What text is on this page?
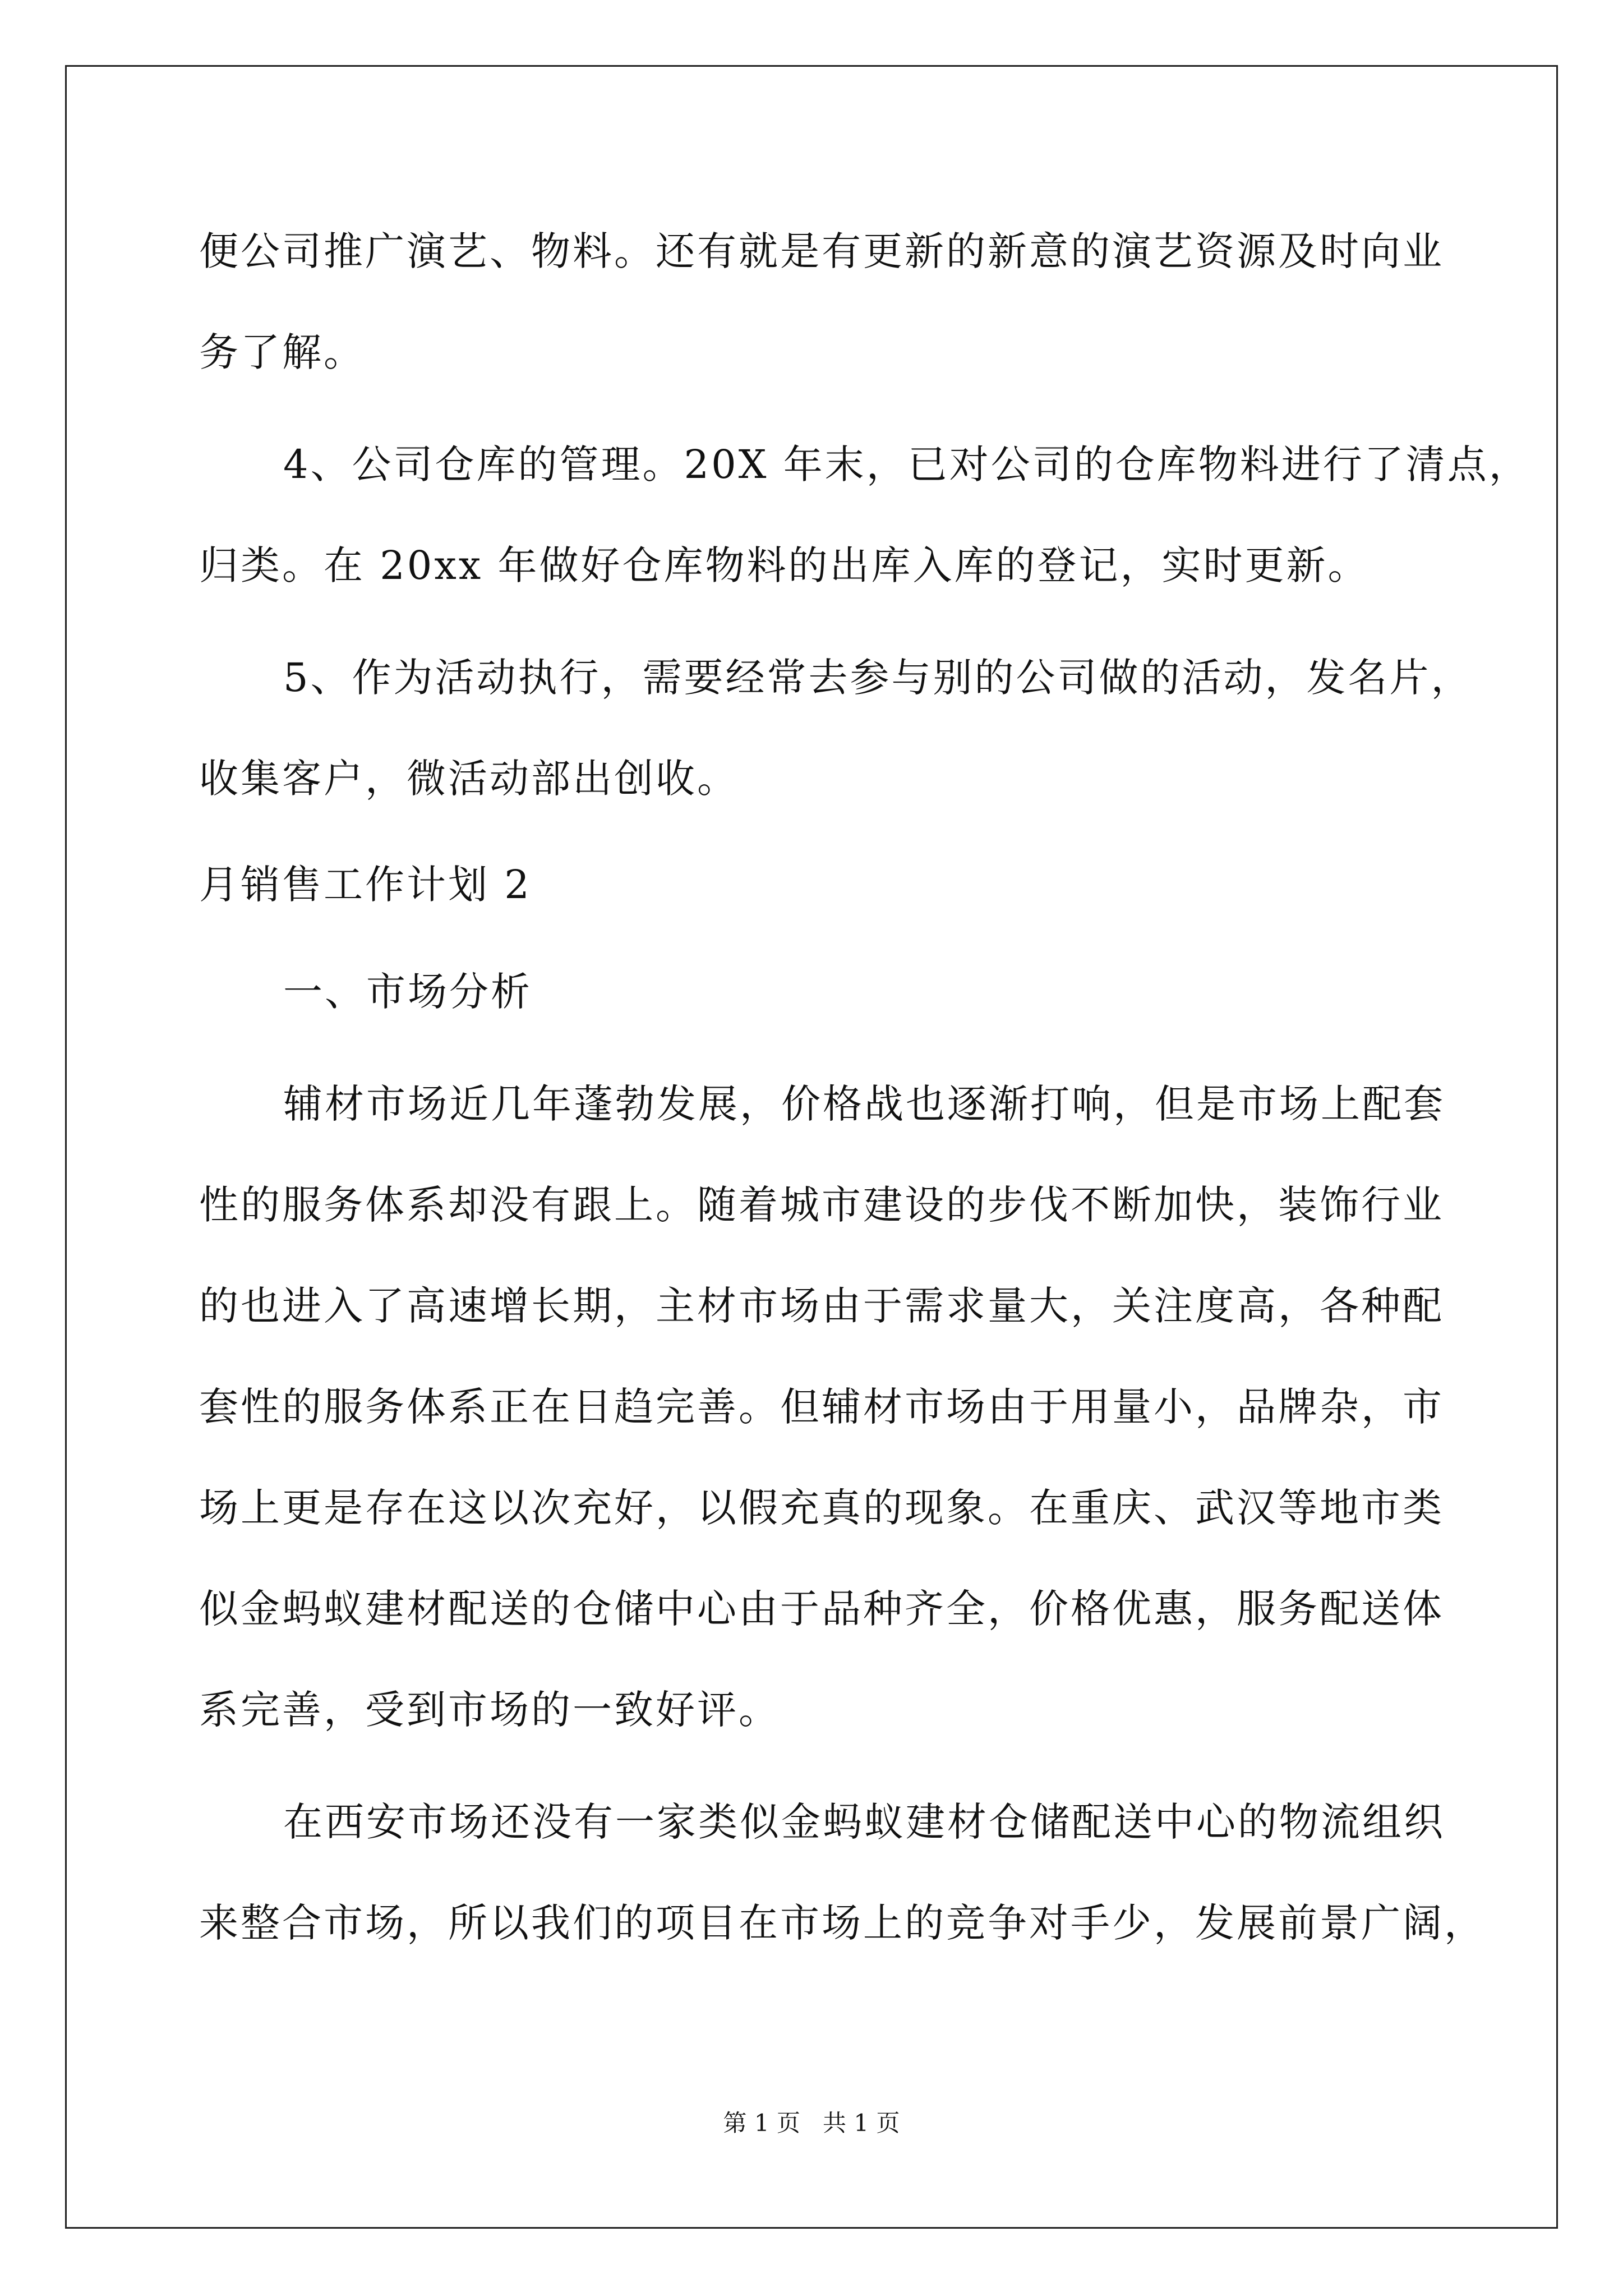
便公司推广演艺、物料。还有就是有更新的新意的演艺资源及时向业
务了解。
4、公司仓库的管理。20X 年末，已对公司的仓库物料进行了清点，
归类。在 20xx 年做好仓库物料的出库入库的登记，实时更新。
5、作为活动执行，需要经常去参与别的公司做的活动，发名片，
收集客户，微活动部出创收。
月销售工作计划 2
一、市场分析
辅材市场近几年蓬勃发展，价格战也逐渐打响，但是市场上配套
性的服务体系却没有跟上。随着城市建设的步伐不断加快，装饰行业
的也进入了高速增长期，主材市场由于需求量大，关注度高，各种配
套性的服务体系正在日趋完善。但辅材市场由于用量小，品牌杂，市
场上更是存在这以次充好，以假充真的现象。在重庆、武汉等地市类
似金蚂蚁建材配送的仓储中心由于品种齐全，价格优惠，服务配送体
系完善，受到市场的一致好评。
在西安市场还没有一家类似金蚂蚁建材仓储配送中心的物流组织
来整合市场，所以我们的项目在市场上的竞争对手少，发展前景广阔，
第 1 页   共 1 页
